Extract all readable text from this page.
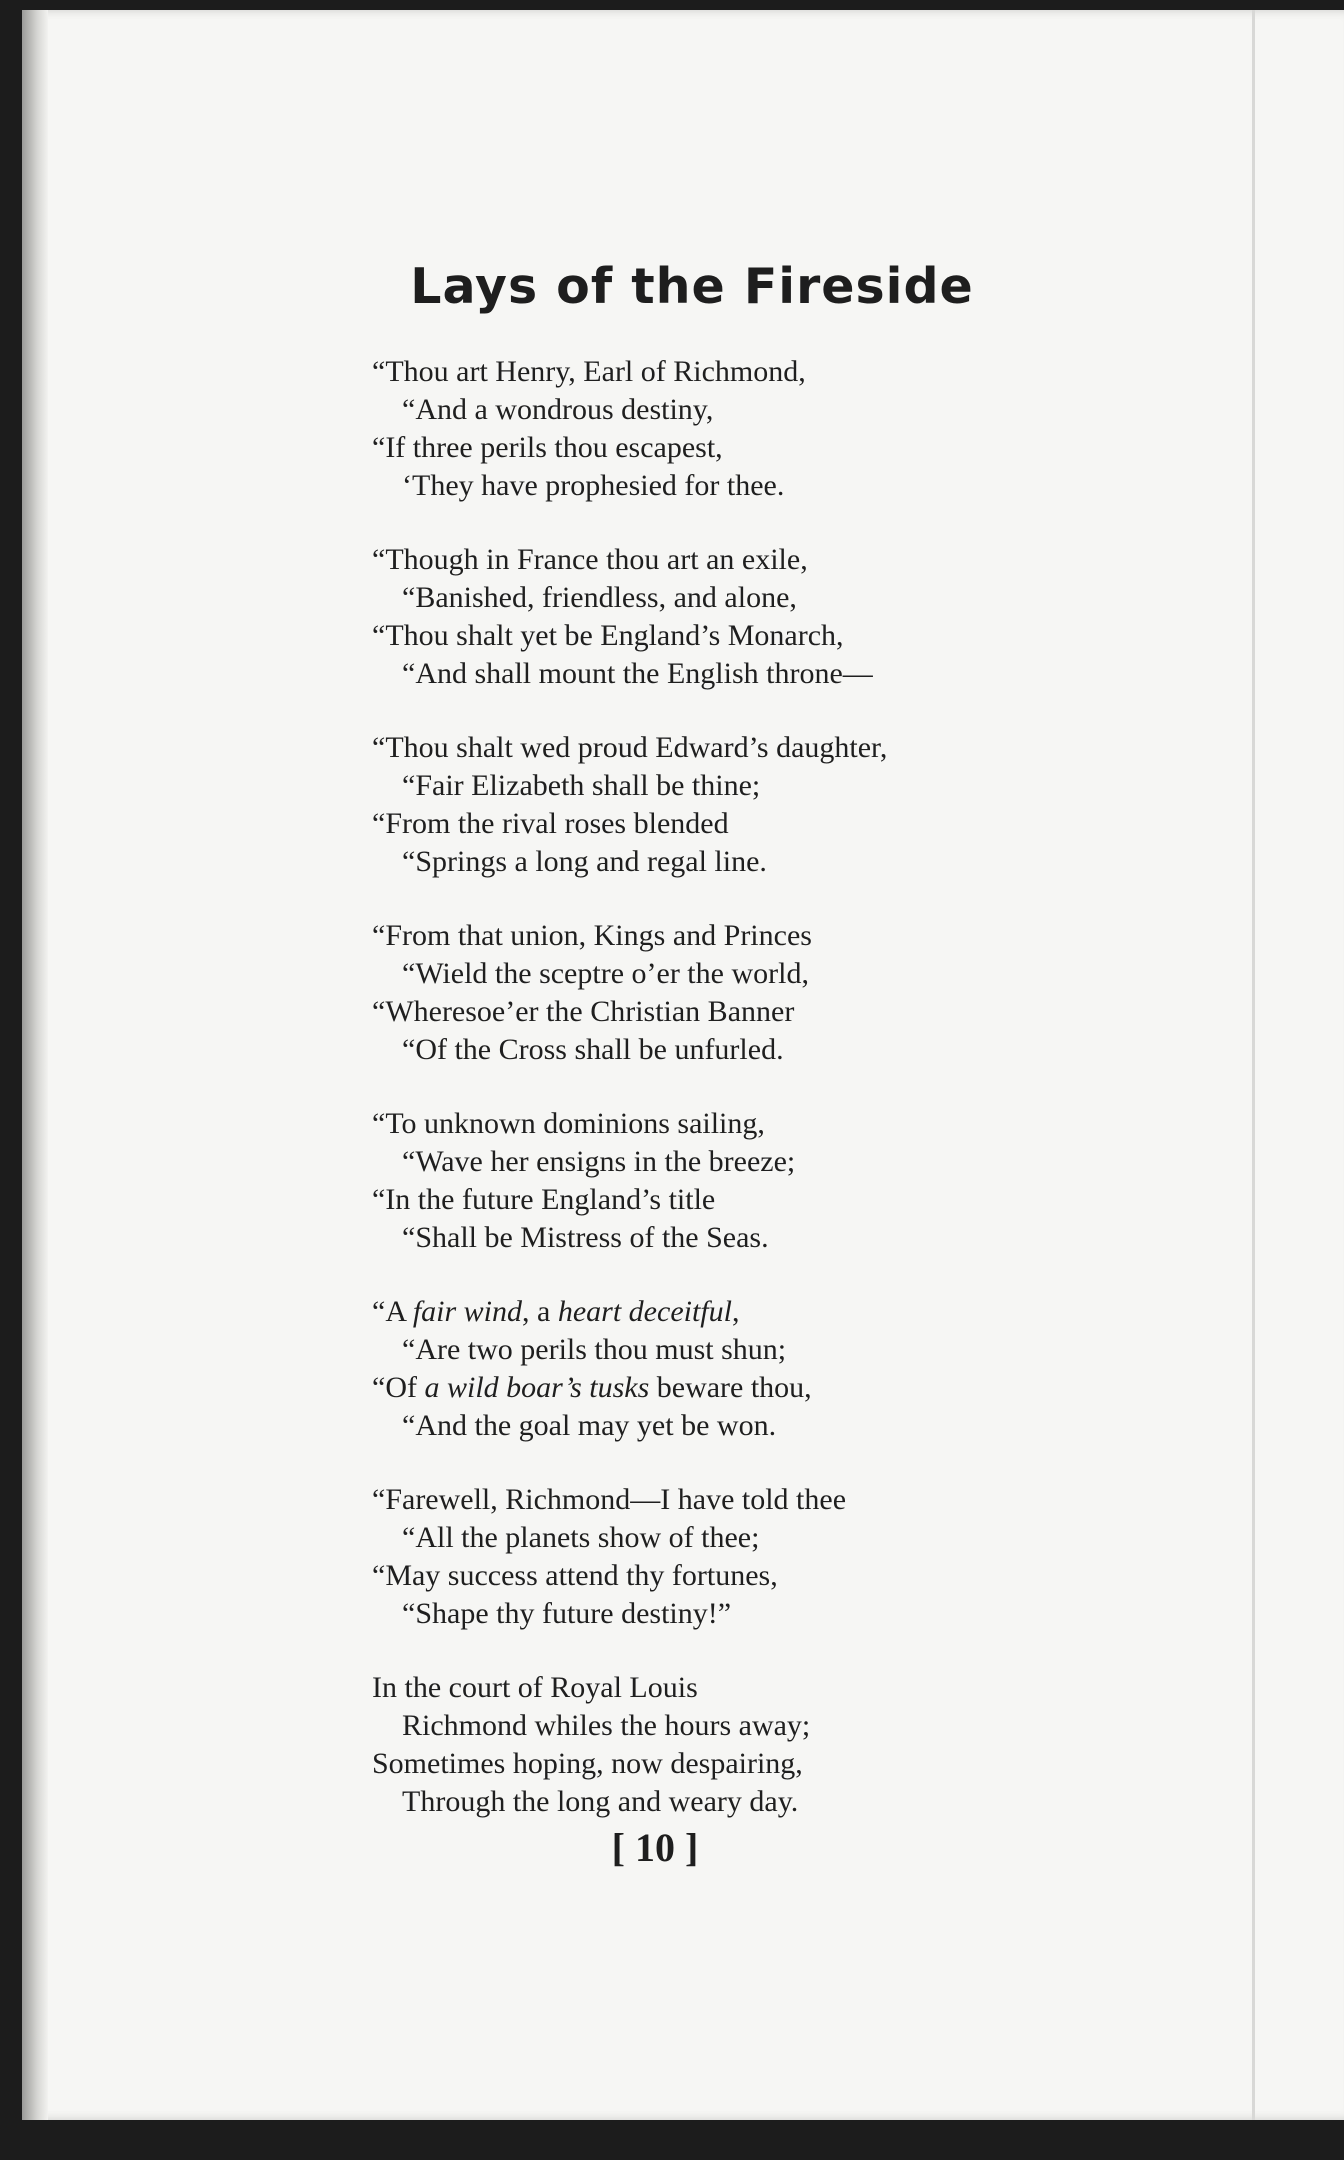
Lays of the Fireside
“Thou art Henry, Earl of Richmond,
“And a wondrous destiny,
“If three perils thou escapest,
‘They have prophesied for thee.
“Though in France thou art an exile,
“Banished, friendless, and alone,
“Thou shalt yet be England’s Monarch,
“And shall mount the English throne—
“Thou shalt wed proud Edward’s daughter,
“Fair Elizabeth shall be thine;
“From the rival roses blended
“Springs a long and regal line.
“From that union, Kings and Princes
“Wield the sceptre o’er the world,
“Wheresoe’er the Christian Banner
“Of the Cross shall be unfurled.
“To unknown dominions sailing,
“Wave her ensigns in the breeze;
“In the future England’s title
“Shall be Mistress of the Seas.
“A fair wind, a heart deceitful,
“Are two perils thou must shun;
“Of a wild boar’s tusks beware thou,
“And the goal may yet be won.
“Farewell, Richmond—I have told thee
“All the planets show of thee;
“May success attend thy fortunes,
“Shape thy future destiny!”
In the court of Royal Louis
Richmond whiles the hours away;
Sometimes hoping, now despairing,
Through the long and weary day.
[ 10 ]
